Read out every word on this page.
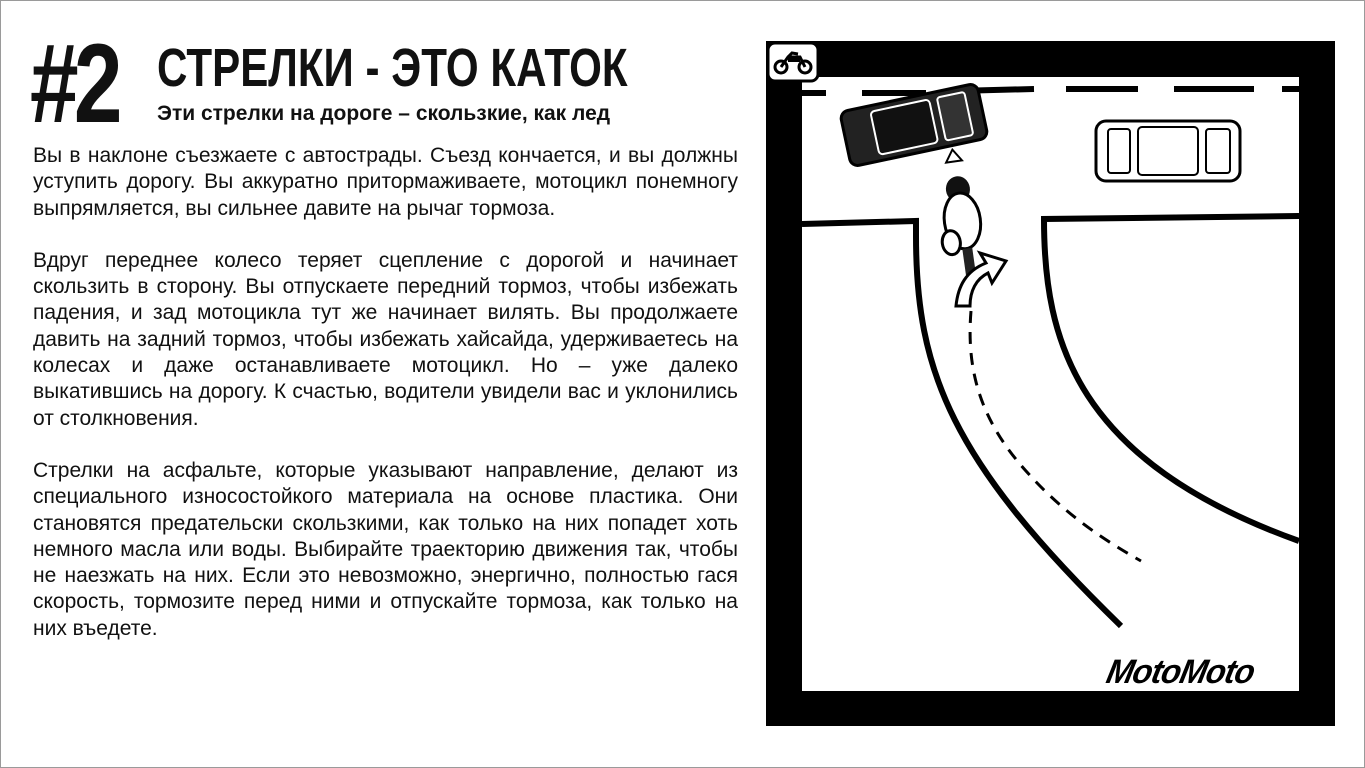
#2 СТРЕЛКИ - ЭТО КАТОК
Эти стрелки на дороге – скользкие, как лед

Вы в наклоне съезжаете с автострады. Съезд кончается, и вы должны уступить дорогу. Вы аккуратно притормаживаете, мотоцикл понемногу выпрямляется, вы сильнее давите на рычаг тормоза.

Вдруг переднее колесо теряет сцепление с дорогой и начинает скользить в сторону. Вы отпускаете передний тормоз, чтобы избежать падения, и зад мотоцикла тут же начинает вилять. Вы продолжаете давить на задний тормоз, чтобы избежать хайсайда, удерживаетесь на колесах и даже останавливаете мотоцикл. Но – уже далеко выкатившись на дорогу. К счастью, водители увидели вас и уклонились от столкновения.

Стрелки на асфальте, которые указывают направление, делают из специального износостойкого материала на основе пластика. Они становятся предательски скользкими, как только на них попадет хоть немного масла или воды. Выбирайте траекторию движения так, чтобы не наезжать на них. Если это невозможно, энергично, полностью гася скорость, тормозите перед ними и отпускайте тормоза, как только на них въедете.

MotoMoto
